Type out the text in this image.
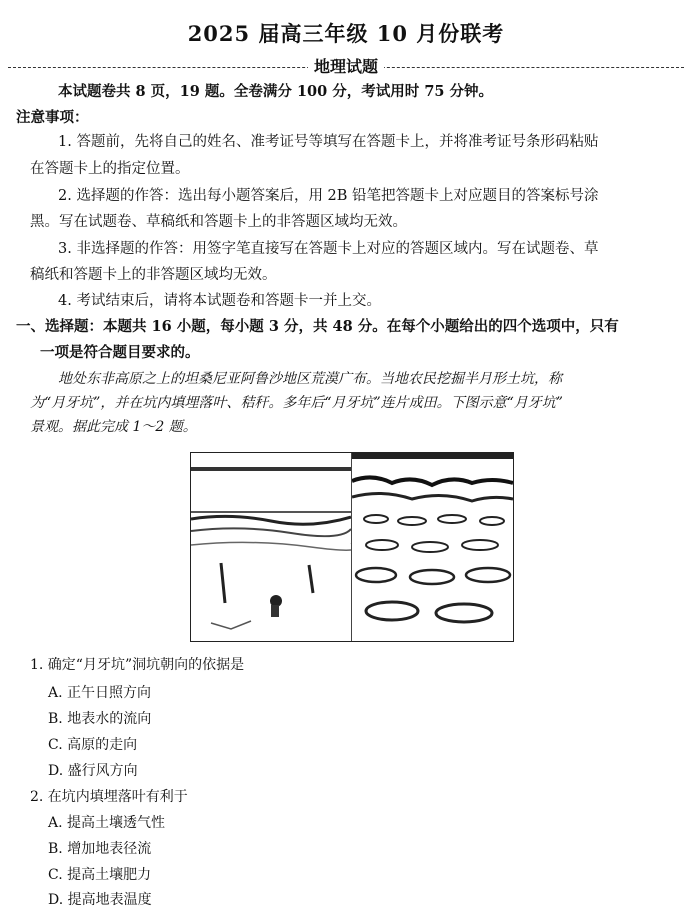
2025 届高三年级 10 月份联考
地理试题
本试题卷共 8 页，19 题。全卷满分 100 分，考试用时 75 分钟。
注意事项：
1. 答题前，先将自己的姓名、准考证号等填写在答题卡上，并将准考证号条形码粘贴
在答题卡上的指定位置。
2. 选择题的作答：选出每小题答案后，用 2B 铅笔把答题卡上对应题目的答案标号涂
黑。写在试题卷、草稿纸和答题卡上的非答题区域均无效。
3. 非选择题的作答：用签字笔直接写在答题卡上对应的答题区域内。写在试题卷、草
稿纸和答题卡上的非答题区域均无效。
4. 考试结束后，请将本试题卷和答题卡一并上交。
一、选择题：本题共 16 小题，每小题 3 分，共 48 分。在每个小题给出的四个选项中，只有
一项是符合题目要求的。
地处东非高原之上的坦桑尼亚阿鲁沙地区荒漠广布。当地农民挖掘半月形土坑，称
为“月牙坑”，并在坑内填埋落叶、秸秆。多年后“月牙坑”连片成田。下图示意“月牙坑”
景观。据此完成 1～2 题。
1. 确定“月牙坑”洞坑朝向的依据是
A. 正午日照方向
B. 地表水的流向
C. 高原的走向
D. 盛行风方向
2. 在坑内填埋落叶有利于
A. 提高土壤透气性
B. 增加地表径流
C. 提高土壤肥力
D. 提高地表温度
